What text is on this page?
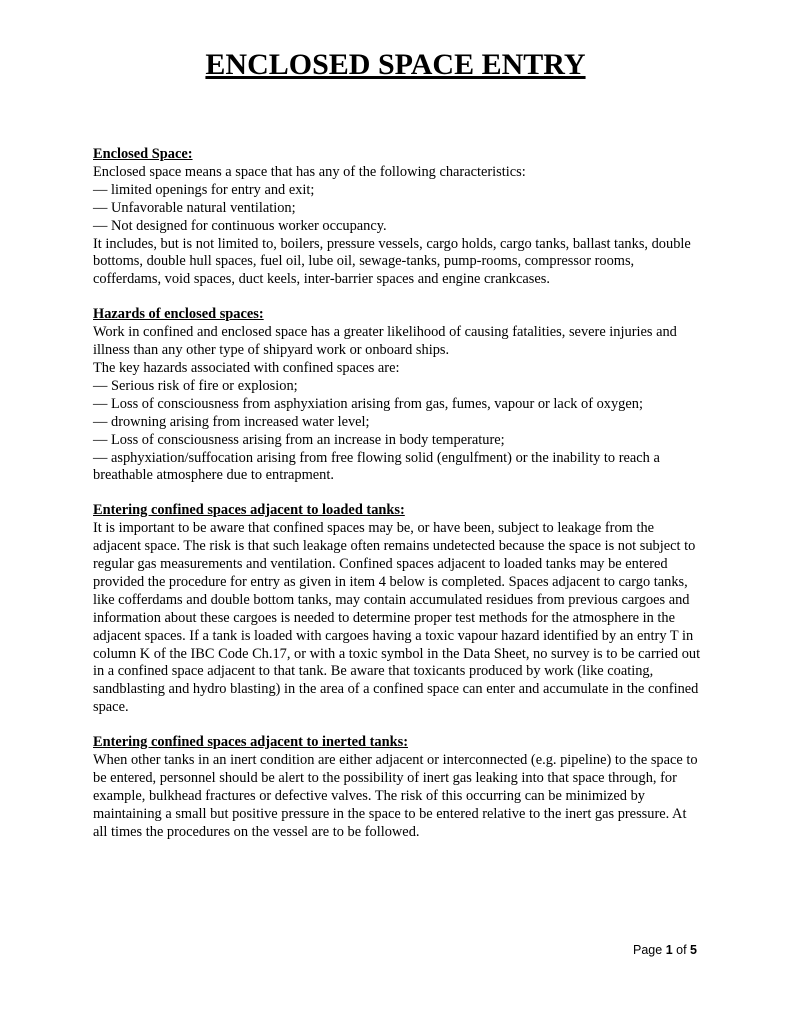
ENCLOSED SPACE ENTRY

Enclosed Space:

Enclosed space means a space that has any of the following characteristics:

— limited openings for entry and exit;

— Unfavorable natural ventilation;

— Not designed for continuous worker occupancy.

It includes, but is not limited to, boilers, pressure vessels, cargo holds, cargo tanks, ballast tanks, double bottoms, double hull spaces, fuel oil, lube oil, sewage-tanks, pump-rooms, compressor rooms, cofferdams, void spaces, duct keels, inter-barrier spaces and engine crankcases.

Hazards of enclosed spaces:

Work in confined and enclosed space has a greater likelihood of causing fatalities, severe injuries and illness than any other type of shipyard work or onboard ships.

The key hazards associated with confined spaces are:

— Serious risk of fire or explosion;

— Loss of consciousness from asphyxiation arising from gas, fumes, vapour or lack of oxygen;

— drowning arising from increased water level;

— Loss of consciousness arising from an increase in body temperature;

— asphyxiation/suffocation arising from free flowing solid (engulfment) or the inability to reach a breathable atmosphere due to entrapment.

Entering confined spaces adjacent to loaded tanks:

It is important to be aware that confined spaces may be, or have been, subject to leakage from the adjacent space. The risk is that such leakage often remains undetected because the space is not subject to regular gas measurements and ventilation. Confined spaces adjacent to loaded tanks may be entered provided the procedure for entry as given in item 4 below is completed. Spaces adjacent to cargo tanks, like cofferdams and double bottom tanks, may contain accumulated residues from previous cargoes and information about these cargoes is needed to determine proper test methods for the atmosphere in the adjacent spaces. If a tank is loaded with cargoes having a toxic vapour hazard identified by an entry T in column K of the IBC Code Ch.17, or with a toxic symbol in the Data Sheet, no survey is to be carried out in a confined space adjacent to that tank. Be aware that toxicants produced by work (like coating, sandblasting and hydro blasting) in the area of a confined space can enter and accumulate in the confined space.

Entering confined spaces adjacent to inerted tanks:

When other tanks in an inert condition are either adjacent or interconnected (e.g. pipeline) to the space to be entered, personnel should be alert to the possibility of inert gas leaking into that space through, for example, bulkhead fractures or defective valves. The risk of this occurring can be minimized by maintaining a small but positive pressure in the space to be entered relative to the inert gas pressure. At all times the procedures on the vessel are to be followed.

Page 1 of 5
